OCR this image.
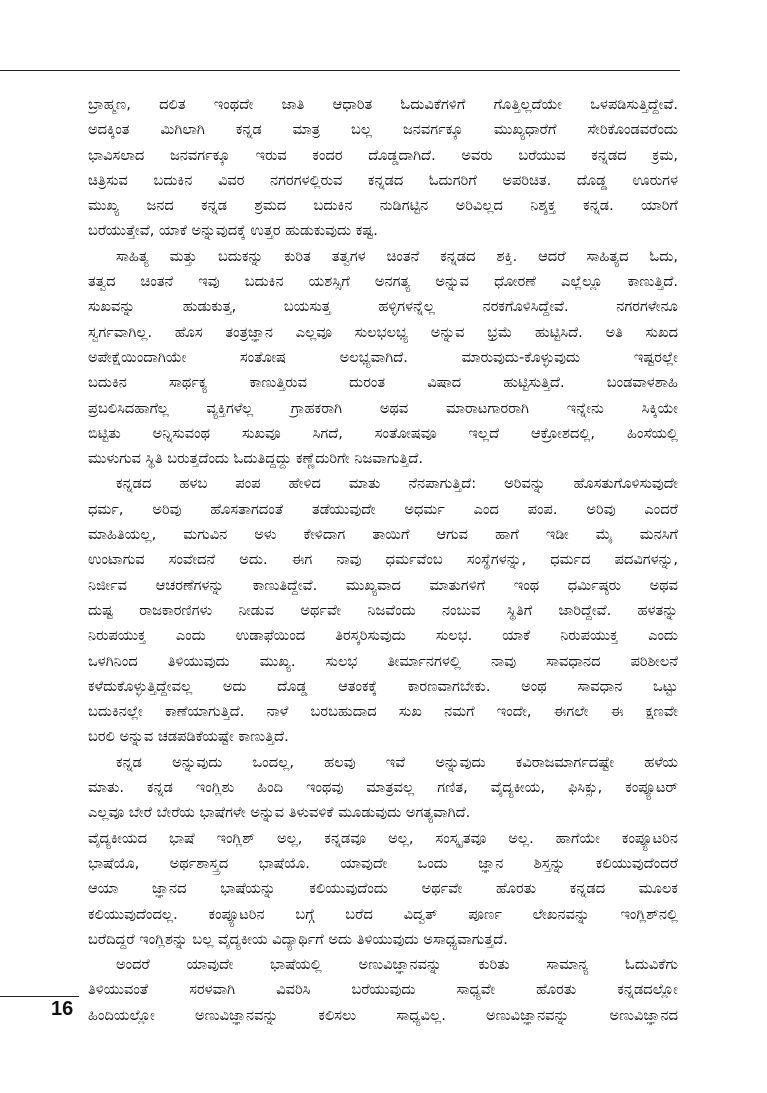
ಬ್ರಾಹ್ಮಣ, ದಲಿತ ಇಂಥದೇ ಜಾತಿ ಆಧಾರಿತ ಓದುವಿಕೆಗಳಿಗೆ ಗೊತ್ತಿಲ್ಲದೆಯೇ ಒಳಪಡಿಸುತ್ತಿದ್ದೇವೆ.
ಅದಕ್ಕಿಂತ ಮಿಗಿಲಾಗಿ ಕನ್ನಡ ಮಾತ್ರ ಬಲ್ಲ ಜನವರ್ಗಕ್ಕೂ ಮುಖ್ಯಧಾರೆಗೆ ಸೇರಿಕೊಂಡವರೆಂದು
ಭಾವಿಸಲಾದ ಜನವರ್ಗಕ್ಕೂ ಇರುವ ಕಂದರ ದೊಡ್ಡದಾಗಿದೆ. ಅವರು ಬರೆಯುವ ಕನ್ನಡದ ಕ್ರಮ,
ಚಿತ್ರಿಸುವ ಬದುಕಿನ ವಿವರ ನಗರಗಳಲ್ಲಿರುವ ಕನ್ನಡದ ಓದುಗರಿಗೆ ಅಪರಿಚಿತ. ದೊಡ್ಡ ಊರುಗಳ
ಮುಖ್ಯ ಜನದ ಕನ್ನಡ ಶ್ರಮದ ಬದುಕಿನ ನುಡಿಗಟ್ಟಿನ ಅರಿವಿಲ್ಲದ ನಿಶ್ಶಕ್ತ ಕನ್ನಡ. ಯಾರಿಗೆ
ಬರೆಯುತ್ತೇವೆ, ಯಾಕೆ ಅನ್ನುವುದಕ್ಕೆ ಉತ್ತರ ಹುಡುಕುವುದು ಕಷ್ಟ.
ಸಾಹಿತ್ಯ ಮತ್ತು ಬದುಕನ್ನು ಕುರಿತ ತತ್ವಗಳ ಚಿಂತನೆ ಕನ್ನಡದ ಶಕ್ತಿ. ಆದರೆ ಸಾಹಿತ್ಯದ ಓದು,
ತತ್ವದ ಚಿಂತನೆ ಇವು ಬದುಕಿನ ಯಶಸ್ಸಿಗೆ ಅನಗತ್ಯ ಅನ್ನುವ ಧೋರಣೆ ಎಲ್ಲೆಲ್ಲೂ ಕಾಣುತ್ತಿದೆ.
ಸುಖವನ್ನು ಹುಡುಕುತ್ತ, ಬಯಸುತ್ತ ಹಳ್ಳಿಗಳನ್ನೆಲ್ಲ ನರಕಗೊಳಿಸಿದ್ದೇವೆ. ನಗರಗಳೇನೂ
ಸ್ವರ್ಗವಾಗಿಲ್ಲ. ಹೊಸ ತಂತ್ರಜ್ಞಾನ ಎಲ್ಲವೂ ಸುಲಭಲಭ್ಯ ಅನ್ನುವ ಭ್ರಮೆ ಹುಟ್ಟಿಸಿದೆ. ಅತಿ ಸುಖದ
ಅಪೇಕ್ಷೆಯಿಂದಾಗಿಯೇ ಸಂತೋಷ ಅಲಭ್ಯವಾಗಿದೆ. ಮಾರುವುದು-ಕೊಳ್ಳುವುದು ಇಷ್ಟರಲ್ಲೇ
ಬದುಕಿನ ಸಾರ್ಥಕ್ಯ ಕಾಣುತ್ತಿರುವ ದುರಂತ ವಿಷಾದ ಹುಟ್ಟಿಸುತ್ತಿದೆ. ಬಂಡವಾಳಶಾಹಿ
ಪ್ರಬಲಿಸಿದಹಾಗೆಲ್ಲ ವ್ಯಕ್ತಿಗಳೆಲ್ಲ ಗ್ರಾಹಕರಾಗಿ ಅಥವ ಮಾರಾಟಗಾರರಾಗಿ ಇನ್ನೇನು ಸಿಕ್ಕಿಯೇ
ಬಿಟ್ಟಿತು ಅನ್ನಿಸುವಂಥ ಸುಖವೂ ಸಿಗದೆ, ಸಂತೋಷವೂ ಇಲ್ಲದೆ ಆಕ್ರೋಶದಲ್ಲಿ, ಹಿಂಸೆಯಲ್ಲಿ
ಮುಳುಗುವ ಸ್ಥಿತಿ ಬರುತ್ತದೆಂದು ಓದುತಿದ್ದದ್ದು ಕಣ್ಣೆದುರಿಗೇ ನಿಜವಾಗುತ್ತಿದೆ.
ಕನ್ನಡದ ಹಳಬ ಪಂಪ ಹೇಳಿದ ಮಾತು ನೆನಪಾಗುತ್ತಿದೆ: ಅರಿವನ್ನು ಹೊಸತುಗೊಳಿಸುವುದೇ
ಧರ್ಮ, ಅರಿವು ಹೊಸತಾಗದಂತೆ ತಡೆಯುವುದೇ ಅಧರ್ಮ ಎಂದ ಪಂಪ. ಅರಿವು ಎಂದರೆ
ಮಾಹಿತಿಯಲ್ಲ, ಮಗುವಿನ ಅಳು ಕೇಳಿದಾಗ ತಾಯಿಗೆ ಆಗುವ ಹಾಗೆ ಇಡೀ ಮೈ ಮನಸಿಗೆ
ಉಂಟಾಗುವ ಸಂವೇದನೆ ಅದು. ಈಗ ನಾವು ಧರ್ಮವೆಂಬ ಸಂಸ್ಥೆಗಳನ್ನು, ಧರ್ಮದ ಪದವಿಗಳನ್ನು,
ನಿರ್ಜೀವ ಆಚರಣೆಗಳನ್ನು ಕಾಣುತಿದ್ದೇವೆ. ಮುಖ್ಯವಾದ ಮಾತುಗಳಿಗೆ ಇಂಥ ಧರ್ಮಿಷ್ಠರು ಅಥವ
ದುಷ್ಟ ರಾಜಕಾರಣಿಗಳು ನೀಡುವ ಅರ್ಥವೇ ನಿಜವೆಂದು ನಂಬುವ ಸ್ಥಿತಿಗೆ ಜಾರಿದ್ದೇವೆ. ಹಳತನ್ನು
ನಿರುಪಯುಕ್ತ ಎಂದು ಉಡಾಫೆಯಿಂದ ತಿರಸ್ಕರಿಸುವುದು ಸುಲಭ. ಯಾಕೆ ನಿರುಪಯುಕ್ತ ಎಂದು
ಒಳಗಿನಿಂದ ತಿಳಿಯುವುದು ಮುಖ್ಯ. ಸುಲಭ ತೀರ್ಮಾನಗಳಲ್ಲಿ ನಾವು ಸಾವಧಾನದ ಪರಿಶೀಲನೆ
ಕಳೆದುಕೊಳ್ಳುತ್ತಿದ್ದೇವಲ್ಲ ಅದು ದೊಡ್ಡ ಆತಂಕಕ್ಕೆ ಕಾರಣವಾಗಬೇಕು. ಅಂಥ ಸಾವಧಾನ ಒಟ್ಟು
ಬದುಕಿನಲ್ಲೇ ಕಾಣೆಯಾಗುತ್ತಿದೆ. ನಾಳೆ ಬರಬಹುದಾದ ಸುಖ ನಮಗೆ ಇಂದೇ, ಈಗಲೇ ಈ ಕ್ಷಣವೇ
ಬರಲಿ ಅನ್ನುವ ಚಡಪಡಿಕೆಯಷ್ಟೇ ಕಾಣುತ್ತಿದೆ.
ಕನ್ನಡ ಅನ್ನುವುದು ಒಂದಲ್ಲ, ಹಲವು ಇವೆ ಅನ್ನುವುದು ಕವಿರಾಜಮಾರ್ಗದಷ್ಟೇ ಹಳೆಯ
ಮಾತು. ಕನ್ನಡ ಇಂಗ್ಲಿಶು ಹಿಂದಿ ಇಂಥವು ಮಾತ್ರವಲ್ಲ ಗಣಿತ, ವೈದ್ಯಕೀಯ, ಫಿಸಿಕ್ಸು, ಕಂಪ್ಯೂಟರ್
ಎಲ್ಲವೂ ಬೇರೆ ಬೇರೆಯ ಭಾಷೆಗಳೇ ಅನ್ನುವ ತಿಳುವಳಿಕೆ ಮೂಡುವುದು ಅಗತ್ಯವಾಗಿದೆ.
ವೈದ್ಯಕೀಯದ ಭಾಷೆ ಇಂಗ್ಲಿಶ್ ಅಲ್ಲ, ಕನ್ನಡವೂ ಅಲ್ಲ, ಸಂಸ್ಕೃತವೂ ಅಲ್ಲ. ಹಾಗೆಯೇ ಕಂಪ್ಯೂಟರಿನ
ಭಾಷೆಯೊ, ಅರ್ಥಶಾಸ್ತ್ರದ ಭಾಷೆಯೊ. ಯಾವುದೇ ಒಂದು ಜ್ಞಾನ ಶಿಸ್ತನ್ನು ಕಲಿಯುವುದೆಂದರೆ
ಆಯಾ ಜ್ಞಾನದ ಭಾಷೆಯನ್ನು ಕಲಿಯುವುದೆಂದು ಅರ್ಥವೇ ಹೊರತು ಕನ್ನಡದ ಮೂಲಕ
ಕಲಿಯುವುದೆಂದಲ್ಲ. ಕಂಪ್ಯೂಟರಿನ ಬಗ್ಗೆ ಬರೆದ ವಿದ್ವತ್ ಪೂರ್ಣ ಲೇಖನವನ್ನು ಇಂಗ್ಲಿಶ್‌ನಲ್ಲಿ
ಬರೆದಿದ್ದರೆ ಇಂಗ್ಲಿಶನ್ನು ಬಲ್ಲ ವೈದ್ಯಕೀಯ ವಿದ್ಯಾರ್ಥಿಗೆ ಅದು ತಿಳಿಯುವುದು ಅಸಾಧ್ಯವಾಗುತ್ತದೆ.
ಅಂದರೆ ಯಾವುದೇ ಭಾಷೆಯಲ್ಲಿ ಅಣುವಿಜ್ಞಾನವನ್ನು ಕುರಿತು ಸಾಮಾನ್ಯ ಓದುವಿಕೆಗು
ತಿಳಿಯುವಂತೆ ಸರಳವಾಗಿ ವಿವರಿಸಿ ಬರೆಯುವುದು ಸಾಧ್ಯವೇ ಹೊರತು ಕನ್ನಡದಲ್ಲೋ
ಹಿಂದಿಯಲ್ಲೋ ಅಣುವಿಜ್ಞಾನವನ್ನು ಕಲಿಸಲು ಸಾಧ್ಯವಿಲ್ಲ. ಅಣುವಿಜ್ಞಾನವನ್ನು ಅಣುವಿಜ್ಞಾನದ
16
